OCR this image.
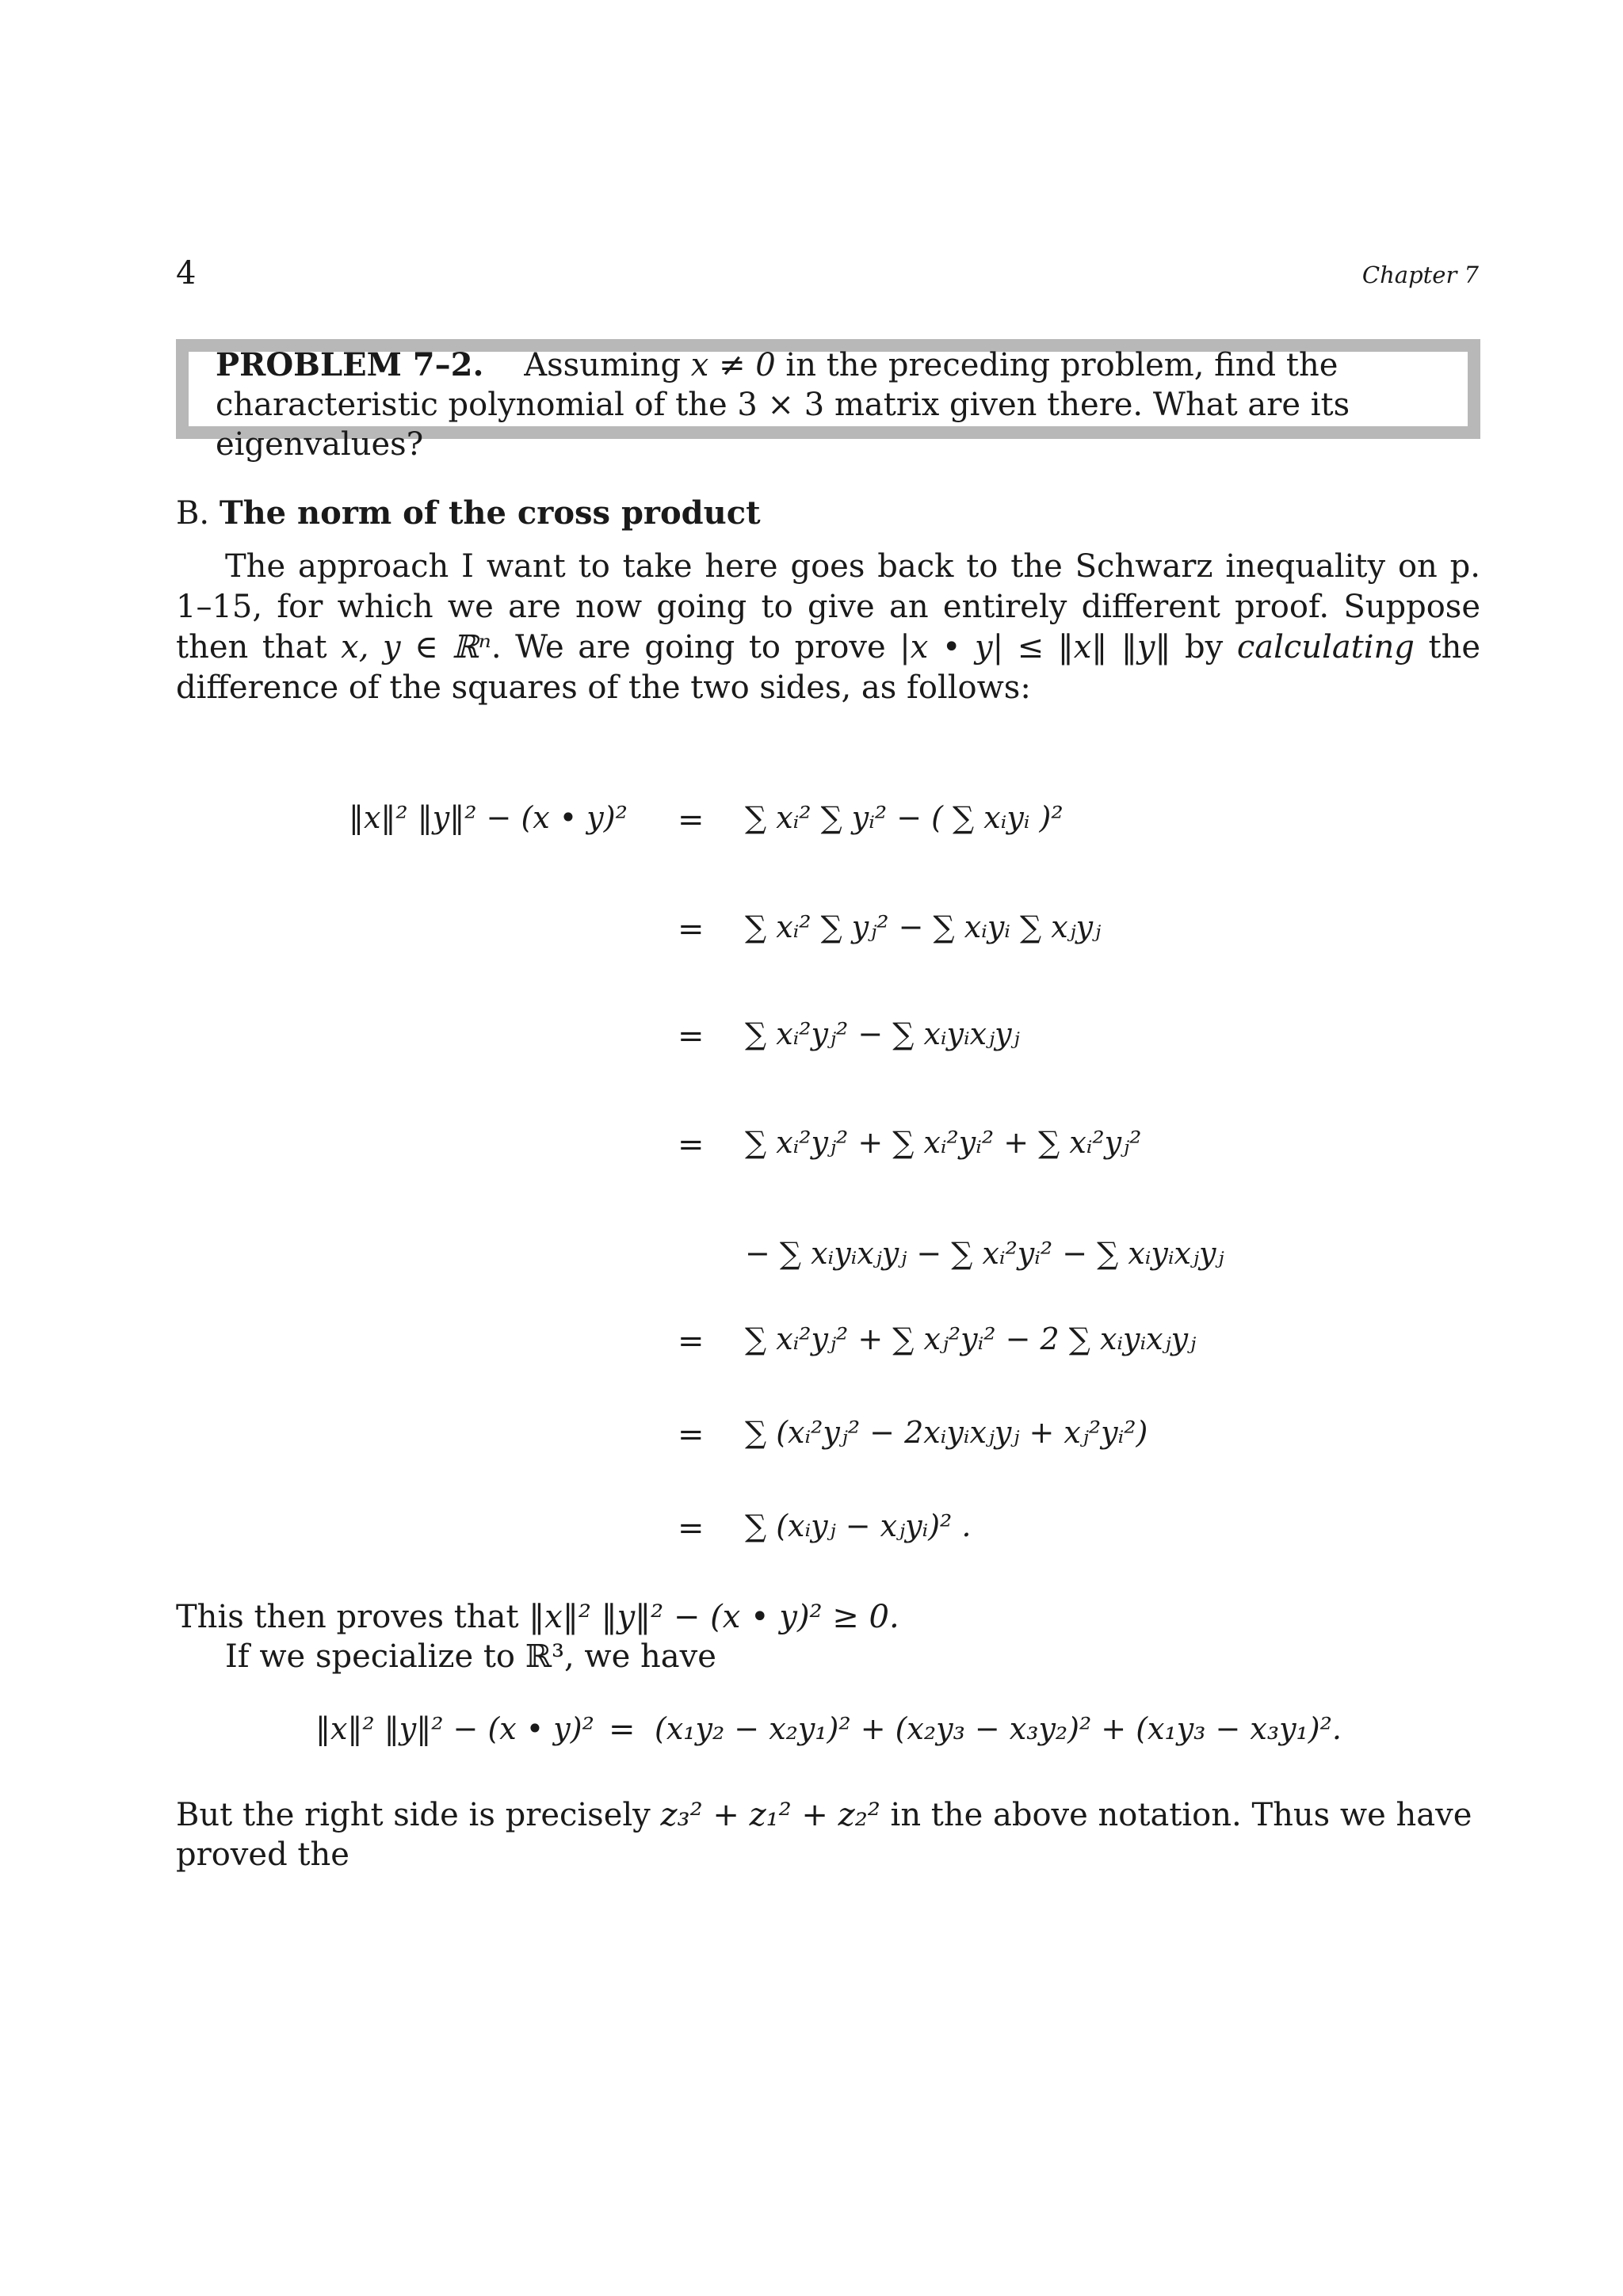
4	Chapter 7
PROBLEM 7–2. Assuming x ≠ 0 in the preceding problem, find the characteristic polynomial of the 3 × 3 matrix given there. What are its eigenvalues?
B. The norm of the cross product
The approach I want to take here goes back to the Schwarz inequality on p. 1–15, for which we are now going to give an entirely different proof. Suppose then that x, y ∈ ℝⁿ. We are going to prove |x • y| ≤ ‖x‖ ‖y‖ by calculating the difference of the squares of the two sides, as follows:
‖x‖² ‖y‖² − (x • y)² = ∑ xᵢ² ∑ yᵢ² − ( ∑ xᵢyᵢ )²
= ∑ xᵢ² ∑ yⱼ² − ∑ xᵢyᵢ ∑ xⱼyⱼ
= ∑ xᵢ²yⱼ² − ∑ xᵢyᵢxⱼyⱼ
= ∑ xᵢ²yⱼ² + ∑ xᵢ²yᵢ² + ∑ xᵢ²yⱼ²
− ∑ xᵢyᵢxⱼyⱼ − ∑ xᵢ²yᵢ² − ∑ xᵢyᵢxⱼyⱼ
= ∑ xᵢ²yⱼ² + ∑ xⱼ²yᵢ² − 2 ∑ xᵢyᵢxⱼyⱼ
= ∑ (xᵢ²yⱼ² − 2xᵢyᵢxⱼyⱼ + xⱼ²yᵢ²)
= ∑ (xᵢyⱼ − xⱼyᵢ)² .
This then proves that ‖x‖² ‖y‖² − (x • y)² ≥ 0.
If we specialize to ℝ³, we have
‖x‖² ‖y‖² − (x • y)² = (x₁y₂ − x₂y₁)² + (x₂y₃ − x₃y₂)² + (x₁y₃ − x₃y₁)².
But the right side is precisely z₃² + z₁² + z₂² in the above notation. Thus we have proved the
